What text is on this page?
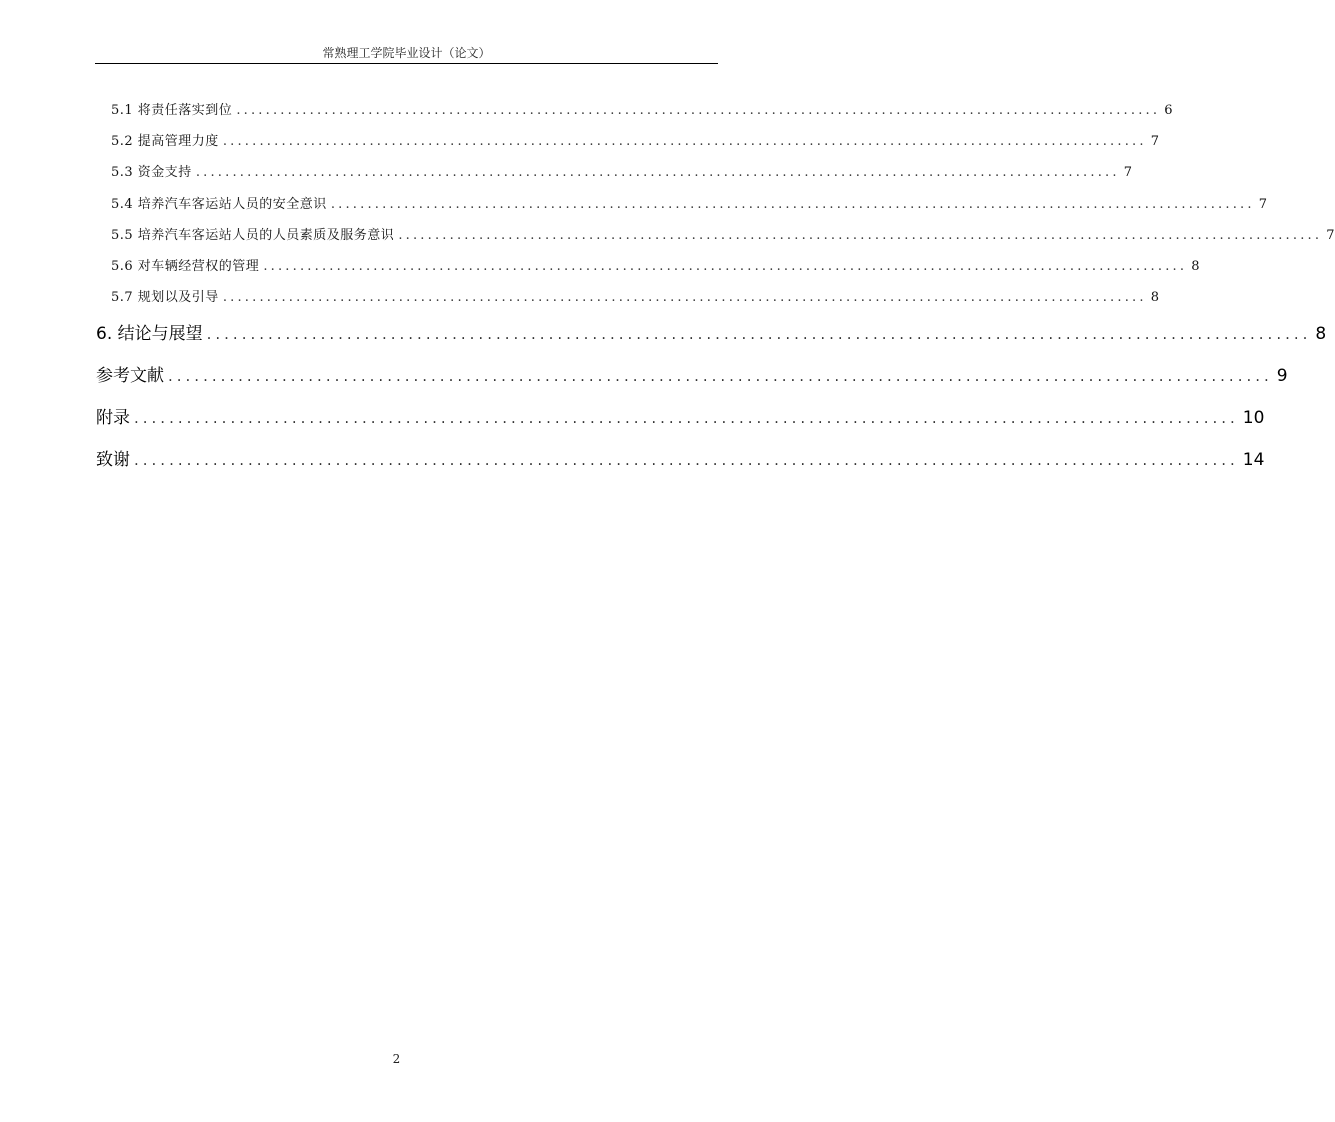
常熟理工学院毕业设计（论文）
5.1 将责任落实到位 .............................................................................................................................. 6
5.2 提高管理力度 .............................................................................................................................. 7
5.3 资金支持 .............................................................................................................................. 7
5.4 培养汽车客运站人员的安全意识 .............................................................................................................................. 7
5.5 培养汽车客运站人员的人员素质及服务意识 .............................................................................................................................. 7
5.6 对车辆经营权的管理 .............................................................................................................................. 8
5.7 规划以及引导 .............................................................................................................................. 8
6. 结论与展望 .............................................................................................................................. 8
参考文献 .............................................................................................................................. 9
附录 .............................................................................................................................. 10
致谢 .............................................................................................................................. 14
2
